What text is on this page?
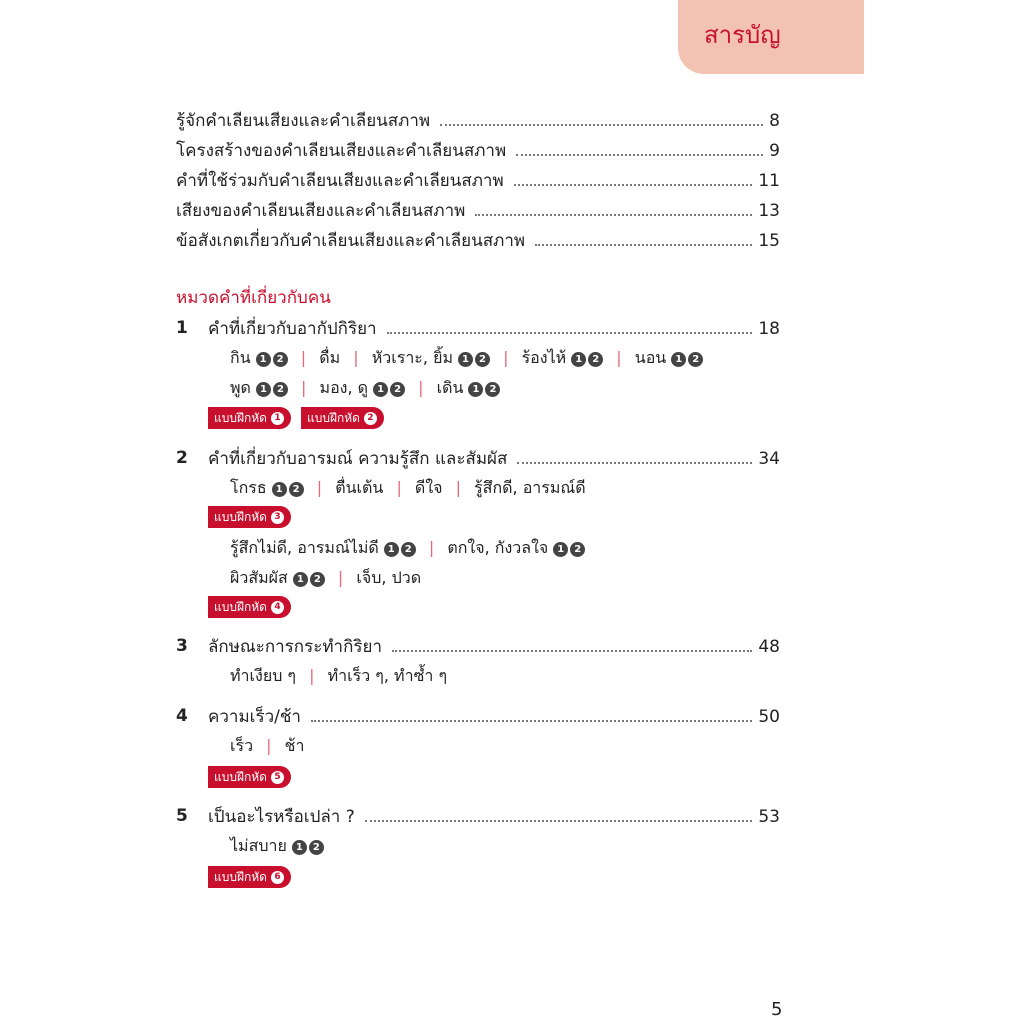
สารบัญ
รู้จักคำเลียนเสียงและคำเลียนสภาพ	8
โครงสร้างของคำเลียนเสียงและคำเลียนสภาพ	9
คำที่ใช้ร่วมกับคำเลียนเสียงและคำเลียนสภาพ	11
เสียงของคำเลียนเสียงและคำเลียนสภาพ	13
ข้อสังเกตเกี่ยวกับคำเลียนเสียงและคำเลียนสภาพ	15
หมวดคำที่เกี่ยวกับคน
1 คำที่เกี่ยวกับอากัปกิริยา	18
กิน 1 2 | ดื่ม | หัวเราะ, ยิ้ม 1 2 | ร้องไห้ 1 2 | นอน 1 2
พูด 1 2 | มอง, ดู 1 2 | เดิน 1 2
แบบฝึกหัด 1 แบบฝึกหัด 2
2 คำที่เกี่ยวกับอารมณ์ ความรู้สึก และสัมผัส	34
โกรธ 1 2 | ตื่นเต้น | ดีใจ | รู้สึกดี, อารมณ์ดี
แบบฝึกหัด 3
รู้สึกไม่ดี, อารมณ์ไม่ดี 1 2 | ตกใจ, กังวลใจ 1 2
ผิวสัมผัส 1 2 | เจ็บ, ปวด
แบบฝึกหัด 4
3 ลักษณะการกระทำกิริยา	48
ทำเงียบ ๆ | ทำเร็ว ๆ, ทำซ้ำ ๆ
4 ความเร็ว/ช้า	50
เร็ว | ช้า
แบบฝึกหัด 5
5 เป็นอะไรหรือเปล่า ?	53
ไม่สบาย 1 2
แบบฝึกหัด 6
5
